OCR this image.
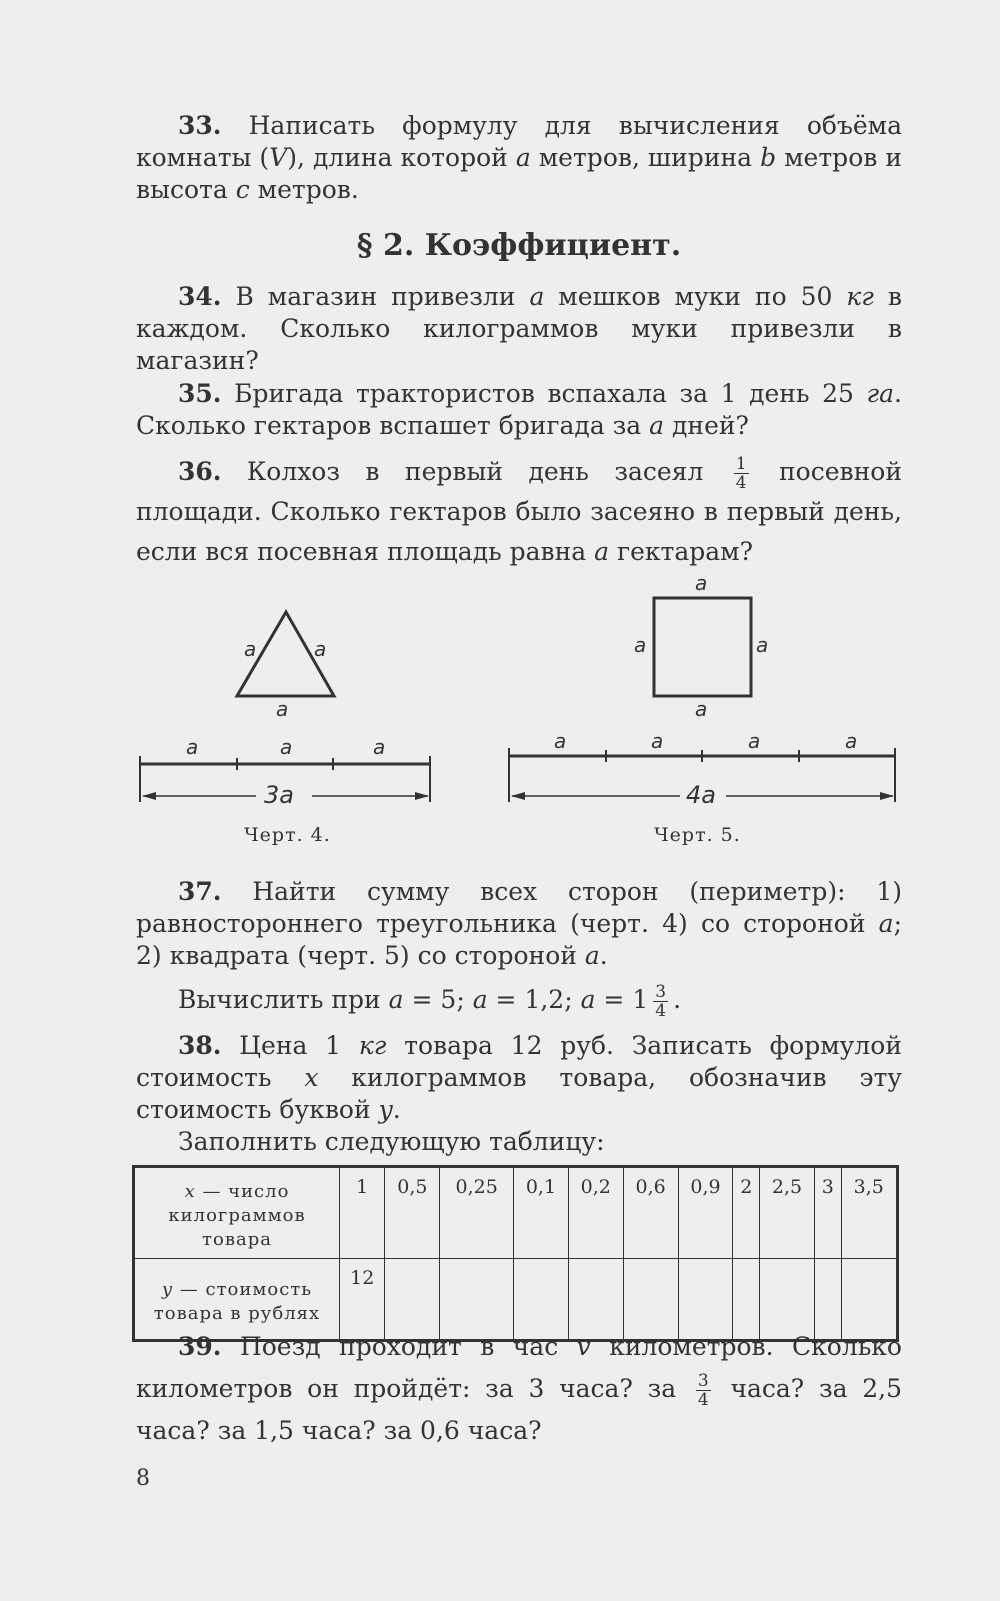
33. Написать формулу для вычисления объёма комнаты (V), длина которой a метров, ширина b метров и высота c метров.

§ 2. Коэффициент.

34. В магазин привезли a мешков муки по 50 кг в каждом. Сколько килограммов муки привезли в магазин?

35. Бригада трактористов вспахала за 1 день 25 га. Сколько гектаров вспашет бригада за a дней?

36. Колхоз в первый день засеял $\frac{1}{4}$ посевной площади. Сколько гектаров было засеяно в первый день, если вся посевная площадь равна a гектарам?

a	a
a
a	a	a
3a
a
a	a
a
a	a	a	a
4a
Черт. 4.	Черт. 5.

37. Найти сумму всех сторон (периметр): 1) равностороннего треугольника (черт. 4) со стороной a; 2) квадрата (черт. 5) со стороной a.

Вычислить при a = 5; a = 1,2; $a = 1 \frac{3}{4}$ .

38. Цена 1 кг товара 12 руб. Записать формулой стоимость x килограммов товара, обозначив эту стоимость буквой y.

Заполнить следующую таблицу:

x — число килограммов товара	1	0,5	0,25	0,1	0,2	0,6	0,9	2	2,5	3	3,5
y — стоимость товара в рублях	12										

39. Поезд проходит в час v километров. Сколько километров он пройдёт: за 3 часа? за $\frac{3}{4}$ часа? за 2,5 часа? за 1,5 часа? за 0,6 часа?

8
